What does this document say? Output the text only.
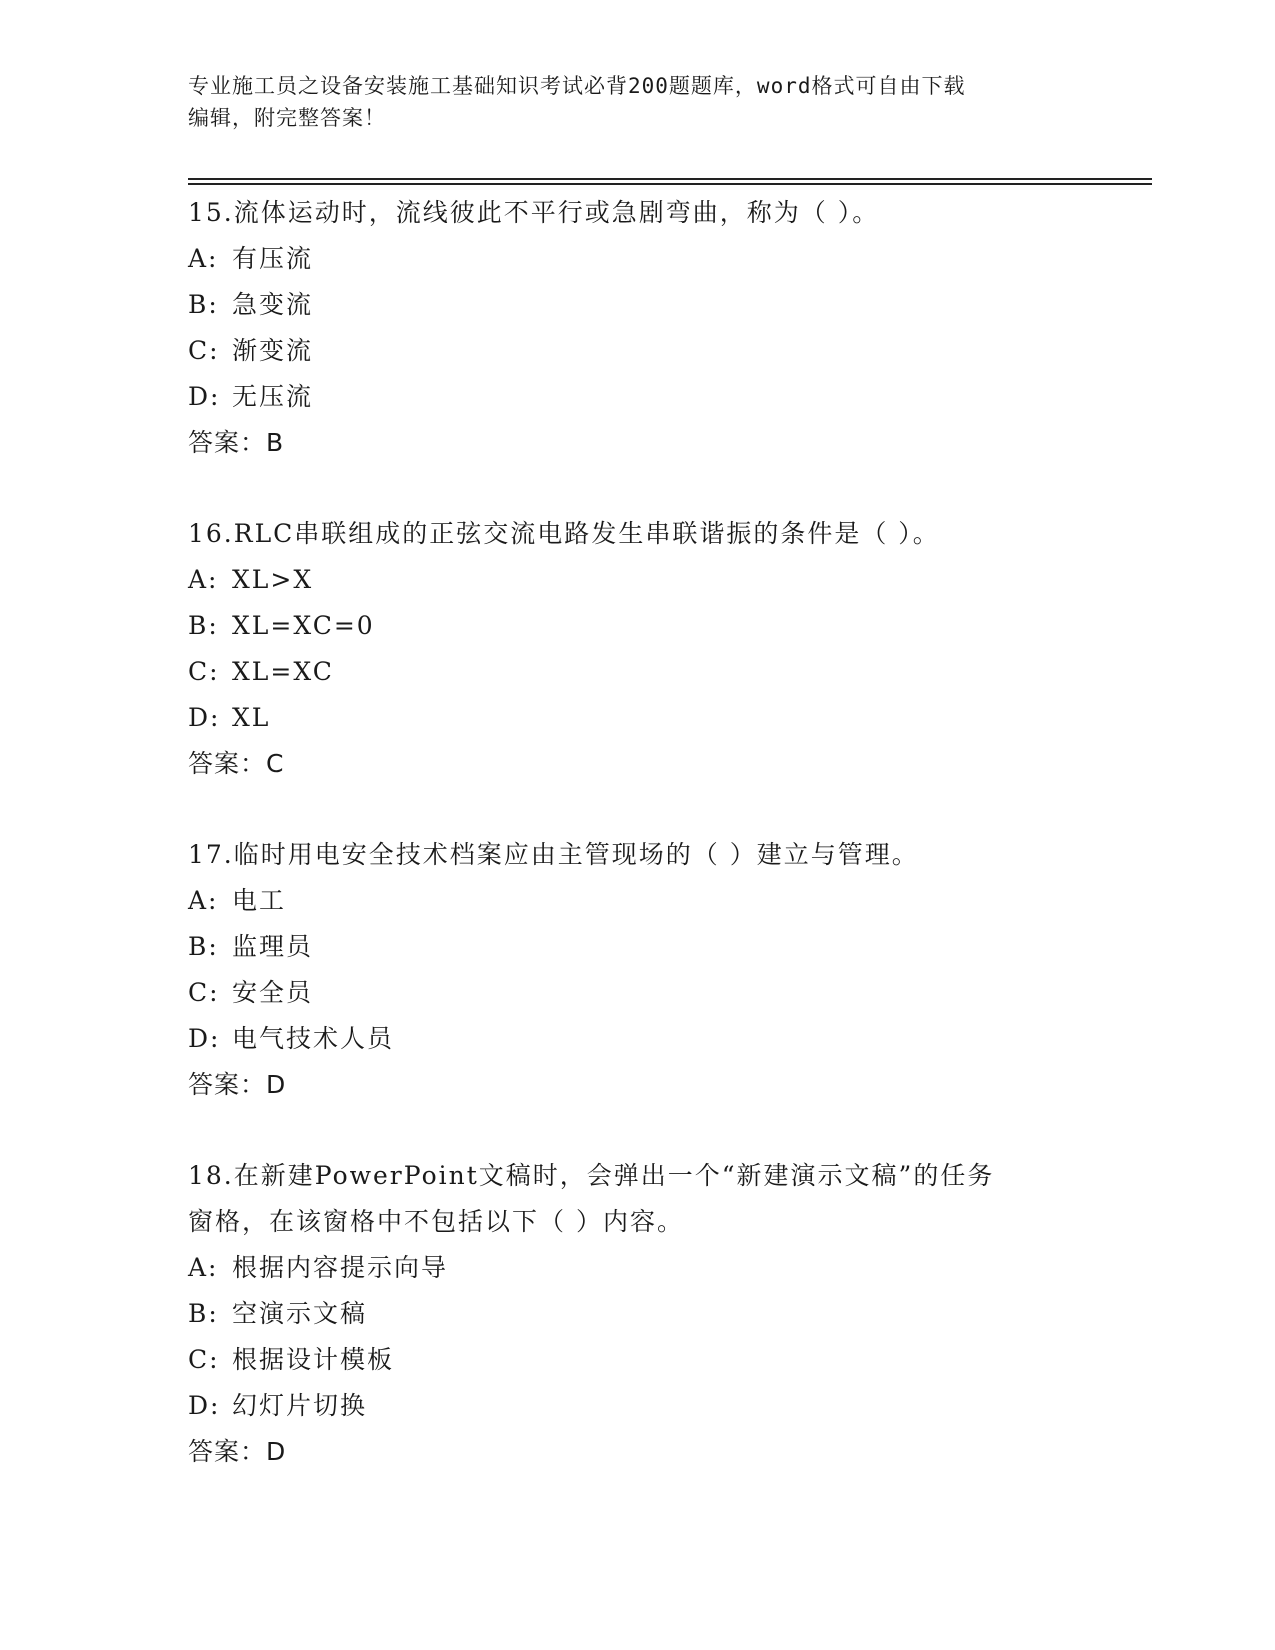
专业施工员之设备安装施工基础知识考试必背200题题库，word格式可自由下载
编辑，附完整答案！
15.流体运动时，流线彼此不平行或急剧弯曲，称为（ ）。
A: 有压流
B: 急变流
C: 渐变流
D: 无压流
答案：B
16.RLC串联组成的正弦交流电路发生串联谐振的条件是（ ）。
A: XL>X
B: XL=XC=0
C: XL=XC
D: XL
答案：C
17.临时用电安全技术档案应由主管现场的（ ）建立与管理。
A: 电工
B: 监理员
C: 安全员
D: 电气技术人员
答案：D
18.在新建PowerPoint文稿时，会弹出一个“新建演示文稿”的任务
窗格，在该窗格中不包括以下（ ）内容。
A: 根据内容提示向导
B: 空演示文稿
C: 根据设计模板
D: 幻灯片切换
答案：D
